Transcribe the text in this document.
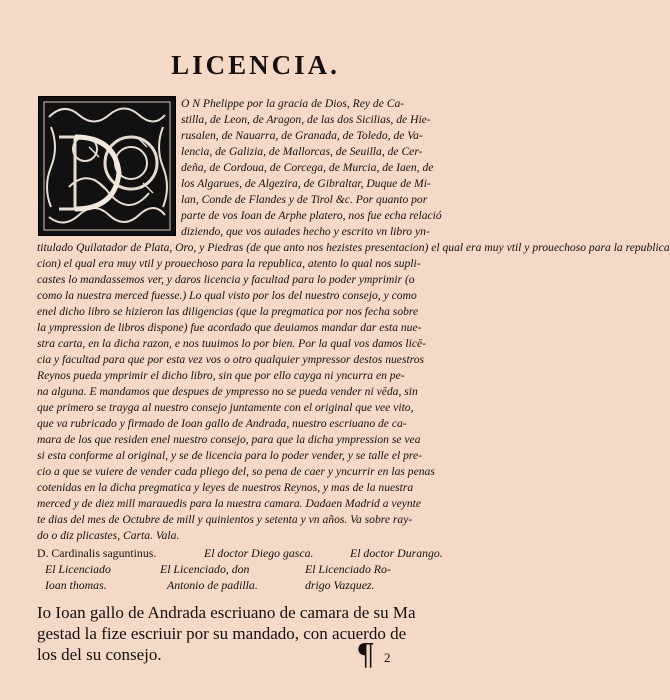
LICENCIA.
O N Phelippe por la gracia de Dios, Rey de Ca-
stilla, de Leon, de Aragon, de las dos Sicilias, de Hie-
rusalen, de Nauarra, de Granada, de Toledo, de Va-
lencia, de Galizia, de Mallorcas, de Seuilla, de Cer-
deña, de Cordoua, de Corcega, de Murcia, de Iaen, de
los Algarues, de Algezira, de Gibraltar, Duque de Mi-
lan, Conde de Flandes y de Tirol &c. Por quanto por
parte de vos Ioan de Arphe platero, nos fue echa relació
diziendo, que vos auiades hecho y escrito vn libro yn-
titulado Quilatador de Plata, Oro, y Piedras (de que anto nos hezistes presentacion) el qual era muy vtil y prouechoso para la republica
cion) el qual era muy vtil y prouechoso para la republica, atento lo qual nos supli-
castes lo mandassemos ver, y daros licencia y facultad para lo poder ymprimir (o
como la nuestra merced fuesse.) Lo qual visto por los del nuestro consejo, y como
enel dicho libro se hizieron las diligencias (que la pregmatica por nos fecha sobre
la ympression de libros dispone) fue acordado que deuiamos mandar dar esta nue-
stra carta, en la dicha razon, e nos tuuimos lo por bien. Por la qual vos damos licē-
cia y facultad para que por esta vez vos o otro qualquier ympressor destos nuestros
Reynos pueda ymprimir el dicho libro, sin que por ello cayga ni yncurra en pe-
na alguna. E mandamos que despues de ympresso no se pueda vender ni vēda, sin
que primero se trayga al nuestro consejo juntamente con el original que vee vito,
que va rubricado y firmado de Ioan gallo de Andrada, nuestro escriuano de ca-
mara de los que residen enel nuestro consejo, para que la dicha ympression se vea
si esta conforme al original, y se de licencia para lo poder vender, y se talle el pre-
cio a que se vuiere de vender cada pliego del, so pena de caer y yncurrir en las penas
cotenidas en la dicha pregmatica y leyes de nuestros Reynos, y mas de la nuestra
merced y de diez mill marauedis para la nuestra camara. Dadaen Madrid a veynte
te dias del mes de Octubre de mill y quinientos y setenta y vn años. Va sobre ray-
do o diz plicastes, Carta. Vala.
D. Cardinalis saguntinus.	El doctor Diego gasca.	El doctor Durango.
El Licenciado	El Licenciado, don	El Licenciado Ro-
Ioan thomas.	Antonio de padilla.	drigo Vazquez.
Io Ioan gallo de Andrada escriuano de camara de su Ma
gestad la fize escriuir por su mandado, con acuerdo de
los del su consejo.	¶ 2
